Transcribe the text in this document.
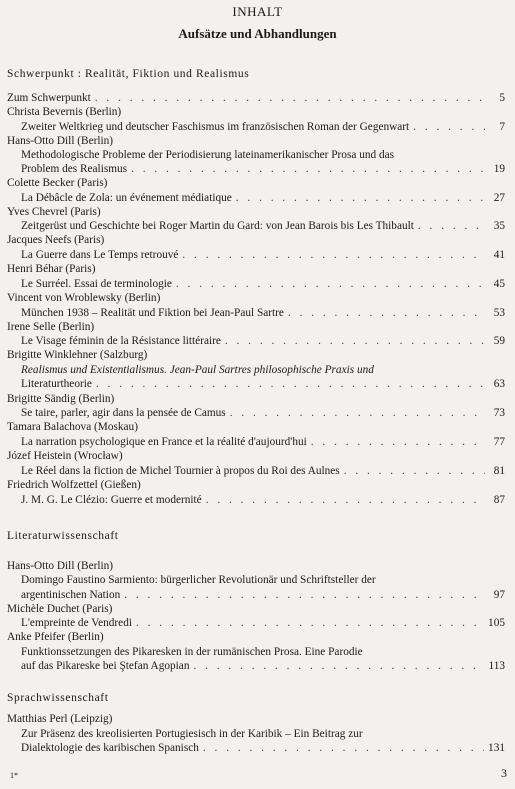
INHALT
Aufsätze und Abhandlungen
Schwerpunkt : Realität, Fiktion und Realismus
Zum Schwerpunkt . . .	5
Christa Bevernis (Berlin)
Zweiter Weltkrieg und deutscher Faschismus im französischen Roman der Gegenwart . . .	7
Hans-Otto Dill (Berlin)
Methodologische Probleme der Periodisierung lateinamerikanischer Prosa und das
Problem des Realismus . . .	19
Colette Becker (Paris)
La Débâcle de Zola: un événement médiatique . . .	27
Yves Chevrel (Paris)
Zeitgerüst und Geschichte bei Roger Martin du Gard: von Jean Barois bis Les Thibault . . .	35
Jacques Neefs (Paris)
La Guerre dans Le Temps retrouvé . . .	41
Henri Béhar (Paris)
Le Surréel. Essai de terminologie . . .	45
Vincent von Wroblewsky (Berlin)
München 1938 – Realität und Fiktion bei Jean-Paul Sartre . . .	53
Irene Selle (Berlin)
Le Visage féminin de la Résistance littéraire . . .	59
Brigitte Winklehner (Salzburg)
Realismus und Existentialismus. Jean-Paul Sartres philosophische Praxis und
Literaturtheorie . . .	63
Brigitte Sändig (Berlin)
Se taire, parler, agir dans la pensée de Camus . . .	73
Tamara Balachova (Moskau)
La narration psychologique en France et la réalité d'aujourd'hui . . .	77
Józef Heistein (Wrocław)
Le Réel dans la fiction de Michel Tournier à propos du Roi des Aulnes . . .	81
Friedrich Wolfzettel (Gießen)
J. M. G. Le Clézio: Guerre et modernité . . .	87
Literaturwissenschaft
Hans-Otto Dill (Berlin)
Domingo Faustino Sarmiento: bürgerlicher Revolutionär und Schriftsteller der
argentinischen Nation . . .	97
Michèle Duchet (Paris)
L'empreinte de Vendredi . . .	105
Anke Pfeifer (Berlin)
Funktionssetzungen des Pikaresken in der rumänischen Prosa. Eine Parodie
auf das Pikareske bei Ştefan Agopian . . .	113
Sprachwissenschaft
Matthias Perl (Leipzig)
Zur Präsenz des kreolisierten Portugiesisch in der Karibik – Ein Beitrag zur
Dialektologie des karibischen Spanisch . . .	131
1*	3
